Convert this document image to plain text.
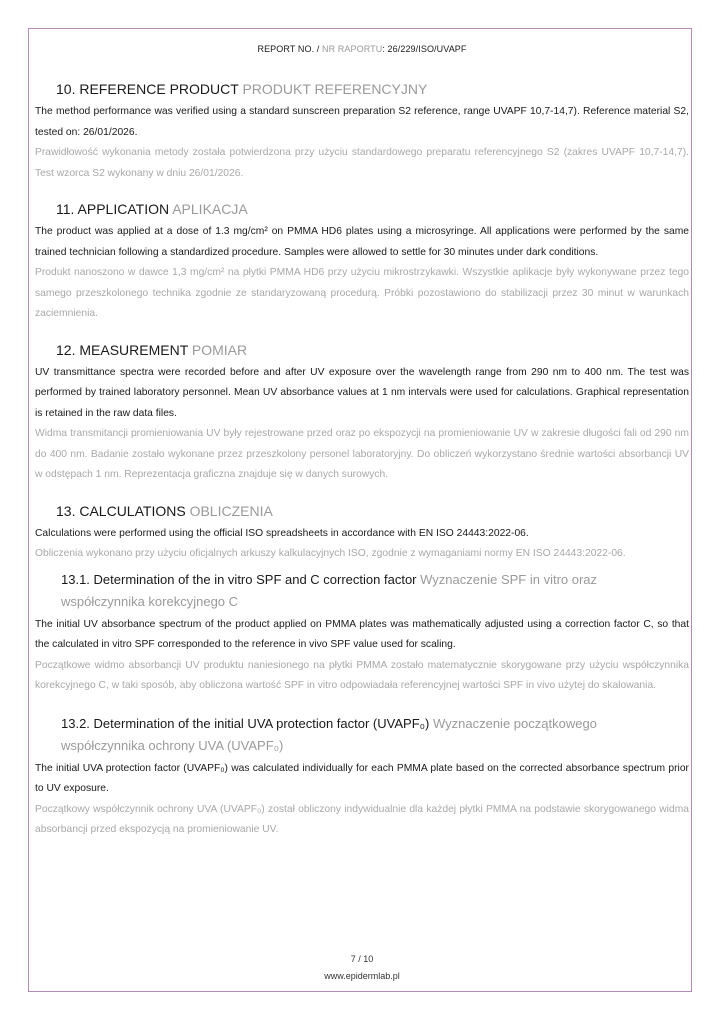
REPORT NO. / NR RAPORTU: 26/229/ISO/UVAPF
10. REFERENCE PRODUCT PRODUKT REFERENCYJNY

The method performance was verified using a standard sunscreen preparation S2 reference, range UVAPF 10,7-14,7). Reference material S2, tested on: 26/01/2026.

Prawidłowość wykonania metody została potwierdzona przy użyciu standardowego preparatu referencyjnego S2 (zakres UVAPF 10,7-14,7). Test wzorca S2 wykonany w dniu 26/01/2026.

11. APPLICATION APLIKACJA

The product was applied at a dose of 1.3 mg/cm² on PMMA HD6 plates using a microsyringe. All applications were performed by the same trained technician following a standardized procedure. Samples were allowed to settle for 30 minutes under dark conditions.

Produkt nanoszono w dawce 1,3 mg/cm² na płytki PMMA HD6 przy użyciu mikrostrzykawki. Wszystkie aplikacje były wykonywane przez tego samego przeszkolonego technika zgodnie ze standaryzowaną procedurą. Próbki pozostawiono do stabilizacji przez 30 minut w warunkach zaciemnienia.

12. MEASUREMENT POMIAR

UV transmittance spectra were recorded before and after UV exposure over the wavelength range from 290 nm to 400 nm. The test was performed by trained laboratory personnel. Mean UV absorbance values at 1 nm intervals were used for calculations. Graphical representation is retained in the raw data files.

Widma transmitancji promieniowania UV były rejestrowane przed oraz po ekspozycji na promieniowanie UV w zakresie długości fali od 290 nm do 400 nm. Badanie zostało wykonane przez przeszkolony personel laboratoryjny. Do obliczeń wykorzystano średnie wartości absorbancji UV w odstępach 1 nm. Reprezentacja graficzna znajduje się w danych surowych.

13. CALCULATIONS OBLICZENIA

Calculations were performed using the official ISO spreadsheets in accordance with EN ISO 24443:2022-06.

Obliczenia wykonano przy użyciu oficjalnych arkuszy kalkulacyjnych ISO, zgodnie z wymaganiami normy EN ISO 24443:2022-06.

13.1. Determination of the in vitro SPF and C correction factor Wyznaczenie SPF in vitro oraz
współczynnika korekcyjnego C

The initial UV absorbance spectrum of the product applied on PMMA plates was mathematically adjusted using a correction factor C, so that the calculated in vitro SPF corresponded to the reference in vivo SPF value used for scaling.

Początkowe widmo absorbancji UV produktu naniesionego na płytki PMMA zostało matematycznie skorygowane przy użyciu współczynnika korekcyjnego C, w taki sposób, aby obliczona wartość SPF in vitro odpowiadała referencyjnej wartości SPF in vivo użytej do skalowania.

13.2. Determination of the initial UVA protection factor (UVAPF₀) Wyznaczenie początkowego
współczynnika ochrony UVA (UVAPF₀)

The initial UVA protection factor (UVAPF₀) was calculated individually for each PMMA plate based on the corrected absorbance spectrum prior to UV exposure.

Początkowy współczynnik ochrony UVA (UVAPF₀) został obliczony indywidualnie dla każdej płytki PMMA na podstawie skorygowanego widma absorbancji przed ekspozycją na promieniowanie UV.

7 / 10
www.epidermlab.pl
